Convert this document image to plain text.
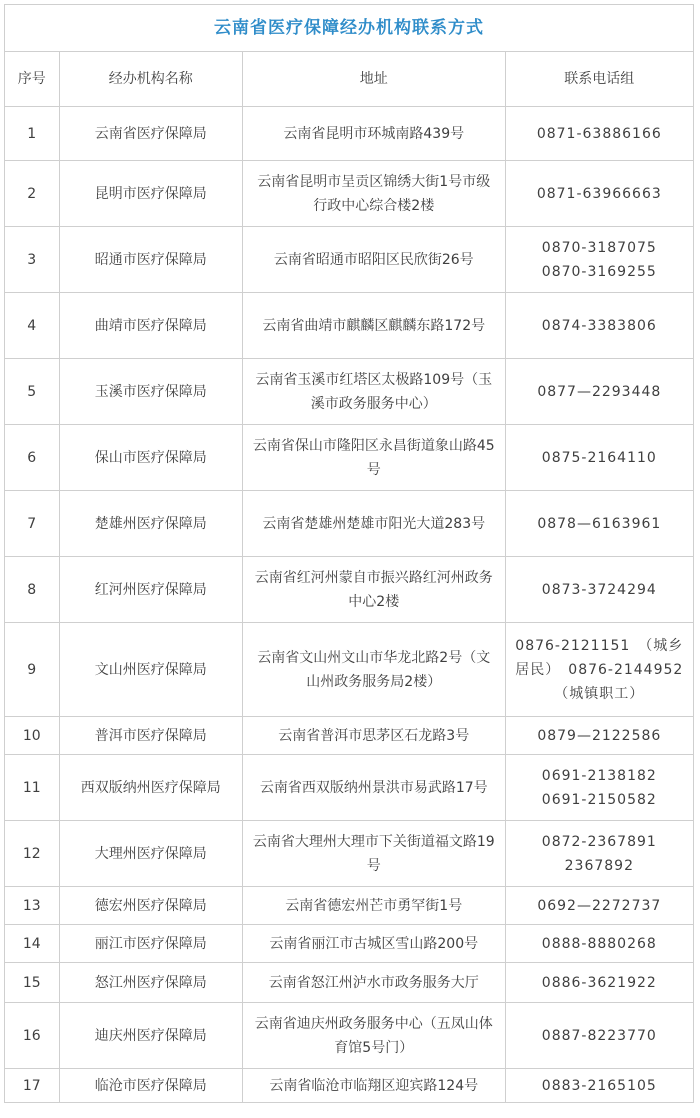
云南省医疗保障经办机构联系方式
序号	经办机构名称	地址	联系电话组
1	云南省医疗保障局	云南省昆明市环城南路439号	0871-63886166
2	昆明市医疗保障局	云南省昆明市呈贡区锦绣大街1号市级行政中心综合楼2楼	0871-63966663
3	昭通市医疗保障局	云南省昭通市昭阳区民欣街26号	0870-3187075　0870-3169255
4	曲靖市医疗保障局	云南省曲靖市麒麟区麒麟东路172号	0874-3383806
5	玉溪市医疗保障局	云南省玉溪市红塔区太极路109号（玉溪市政务服务中心）	0877—2293448
6	保山市医疗保障局	云南省保山市隆阳区永昌街道象山路45号	0875-2164110
7	楚雄州医疗保障局	云南省楚雄州楚雄市阳光大道283号	0878—6163961
8	红河州医疗保障局	云南省红河州蒙自市振兴路红河州政务中心2楼	0873-3724294
9	文山州医疗保障局	云南省文山州文山市华龙北路2号（文山州政务服务局2楼）	0876-2121151　（城乡居民）　0876-2144952　（城镇职工）
10	普洱市医疗保障局	云南省普洱市思茅区石龙路3号	0879—2122586
11	西双版纳州医疗保障局	云南省西双版纳州景洪市易武路17号	0691-2138182　0691-2150582
12	大理州医疗保障局	云南省大理州大理市下关街道福文路19号	0872-2367891　2367892
13	德宏州医疗保障局	云南省德宏州芒市勇罕街1号	0692—2272737
14	丽江市医疗保障局	云南省丽江市古城区雪山路200号	0888-8880268
15	怒江州医疗保障局	云南省怒江州泸水市政务服务大厅	0886-3621922
16	迪庆州医疗保障局	云南省迪庆州政务服务中心（五凤山体育馆5号门）	0887-8223770
17	临沧市医疗保障局	云南省临沧市临翔区迎宾路124号	0883-2165105
